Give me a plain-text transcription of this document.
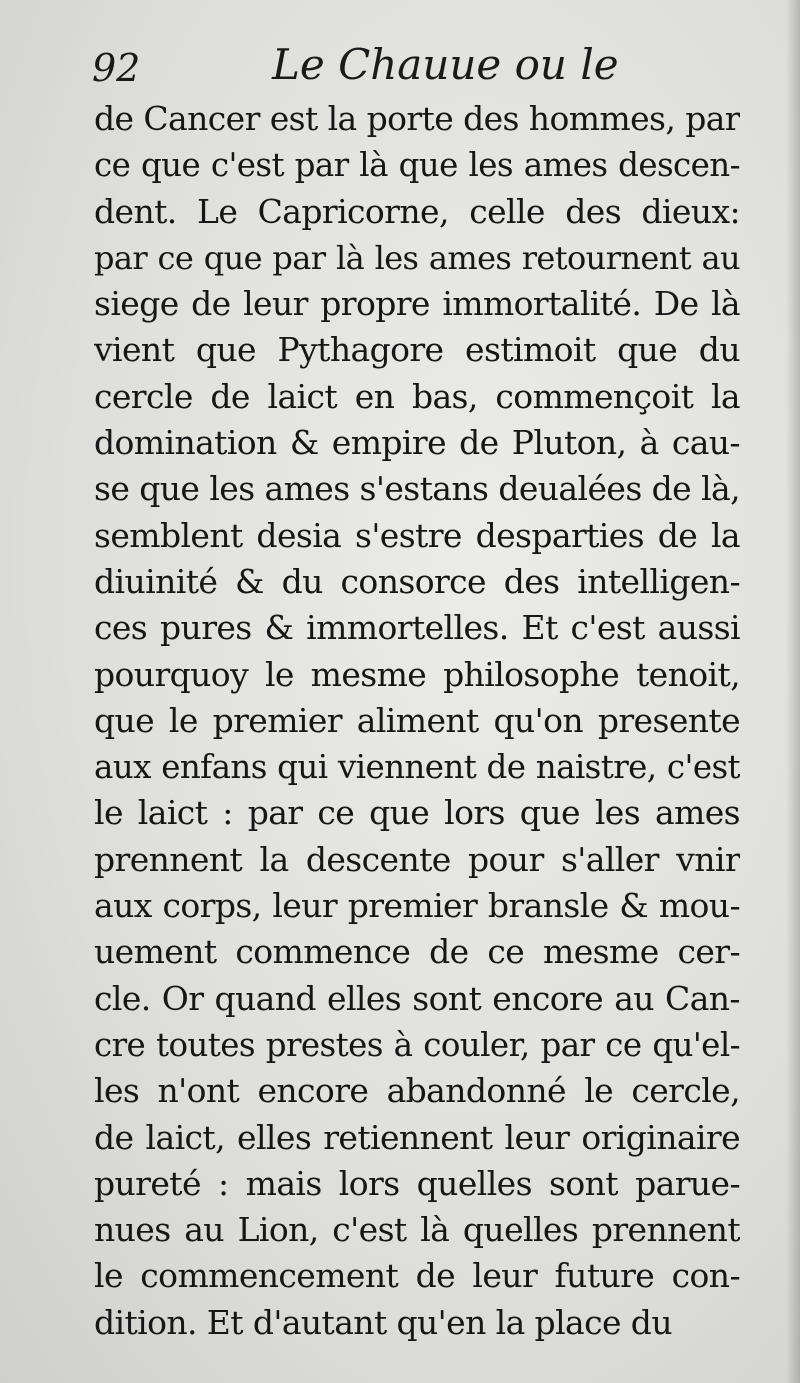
92	Le Chauue ou le
de Cancer est la porte des hommes, par
ce que c'est par là que les ames descen-
dent. Le Capricorne, celle des dieux:
par ce que par là les ames retournent au
siege de leur propre immortalité. De là
vient que Pythagore estimoit que du
cercle de laict en bas, commençoit la
domination & empire de Pluton, à cau-
se que les ames s'estans deualées de là,
semblent desia s'estre desparties de la
diuinité & du consorce des intelligen-
ces pures & immortelles. Et c'est aussi
pourquoy le mesme philosophe tenoit,
que le premier aliment qu'on presente
aux enfans qui viennent de naistre, c'est
le laict : par ce que lors que les ames
prennent la descente pour s'aller vnir
aux corps, leur premier bransle & mou-
uement commence de ce mesme cer-
cle. Or quand elles sont encore au Can-
cre toutes prestes à couler, par ce qu'el-
les n'ont encore abandonné le cercle,
de laict, elles retiennent leur originaire
pureté : mais lors quelles sont parue-
nues au Lion, c'est là quelles prennent
le commencement de leur future con-
dition. Et d'autant qu'en la place du
